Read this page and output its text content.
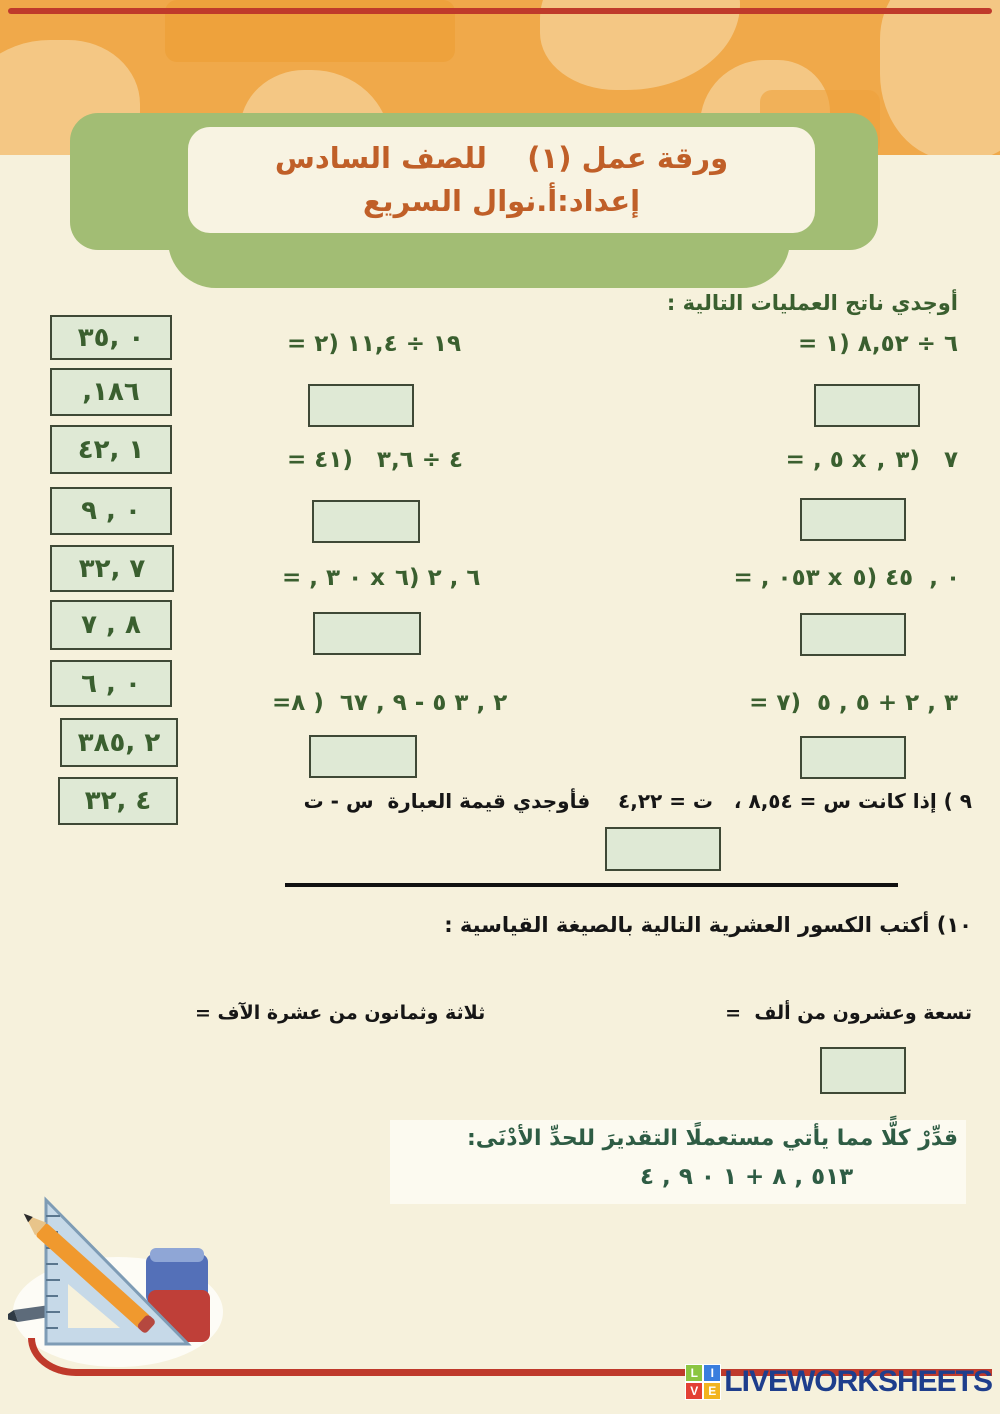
ورقة عمل (١)    للصف السادس
إعداد:أ.نوال السريع
أوجدي ناتج العمليات التالية :
= ٦ ÷ ٨,٥٢ (١
= ١٩ ÷ ١١,٤ (٢
= , ٥ x , ٧   (٣
= ٤ ÷ ٣,٦   (٤١
= , ٠٥٣ x ٠ ,  ٤٥ (٥
= , ٠ ٣ x ٦ , ٢ (٦
= ٣ , ٢ + ٥ , ٥  (٧
=٢ , ٣ ٥ - ٩ , ٦٧  ( ٨
٩ ) إذا كانت س = ٨,٥٤ ،   ت = ٤,٢٢    فأوجدي قيمة العبارة  س - ت
١٠) أكتب الكسور العشرية التالية بالصيغة القياسية :
تسعة وعشرون من ألف  =
ثلاثة وثمانون من عشرة الآف =
قدِّرْ كلًّا مما يأتي مستعملًا التقديرَ للحدِّ الأدْنَى:
٥١٣ , ٨ + ١ ٠ ٩ , ٤
٠ ,٣٥
,١٨٦
١ ,٤٢
٠ , ٩
٧ ,٣٢
٨ , ٧
٠ , ٦
٢ ,٣٨٥
٤ ,٣٢
L	I
V E LIVEWORKSHEETS
